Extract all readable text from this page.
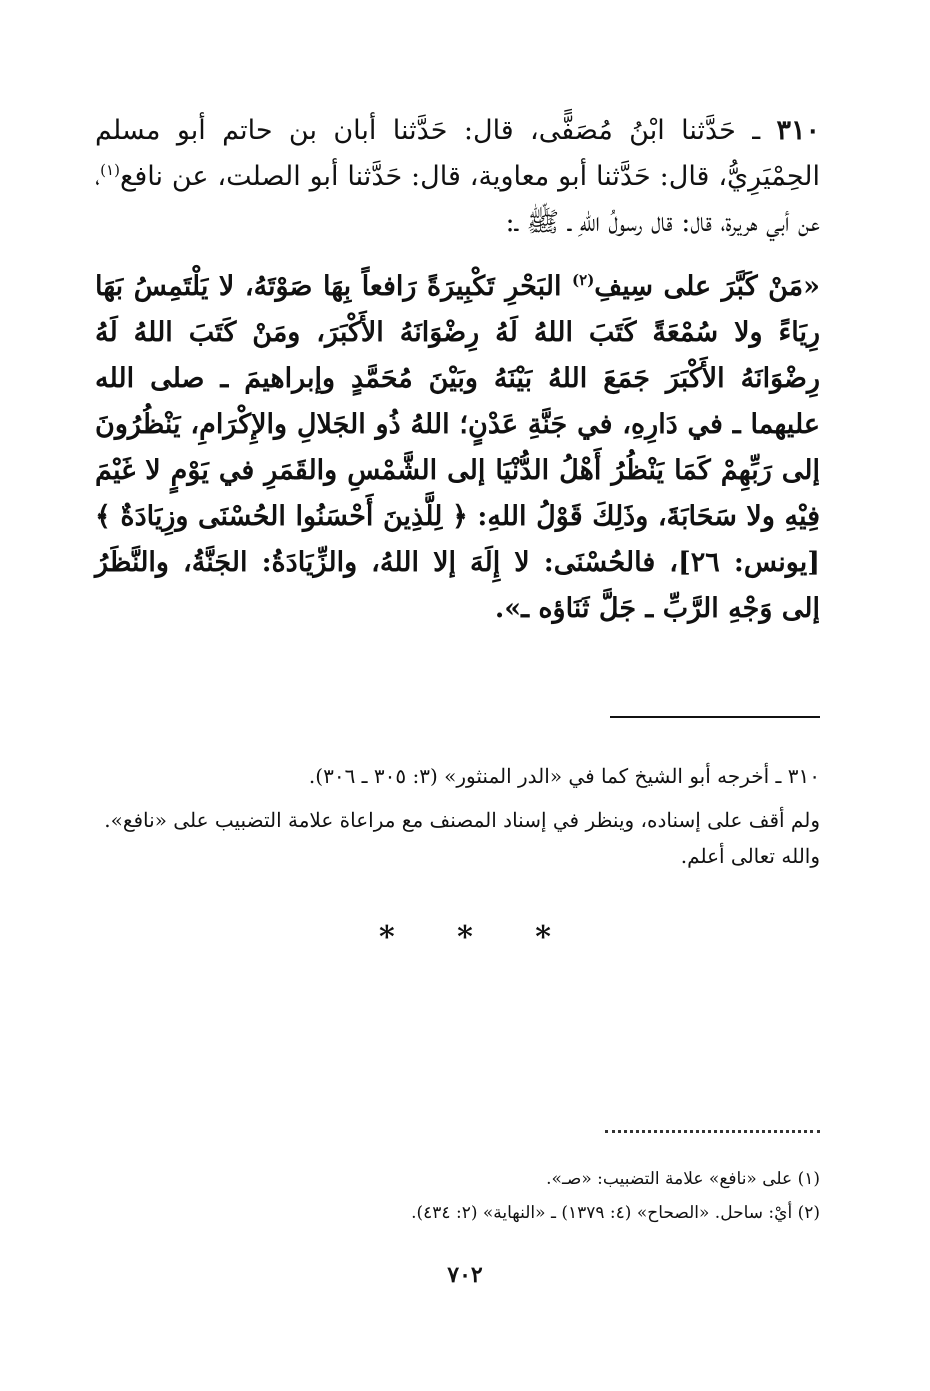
٣١٠ ـ حَدَّثنا ابْنُ مُصَفًّى، قال: حَدَّثنا أبان بن حاتم أبو مسلم الحِمْيَرِيُّ، قال: حَدَّثنا أبو معاوية، قال: حَدَّثنا أبو الصلت، عن نافع$^{(١)}$، عن أبي هريرة، قال: قال رسولُ اللهِ ـ ﷺ ـ:

«مَنْ كَبَّرَ على سِيفِ$^{(٢)}$ البَحْرِ تَكْبِيرَةً رَافعاً بِهَا صَوْتَهُ، لا يَلْتَمِسُ بَهَا رِيَاءً ولا سُمْعَةً كَتَبَ اللهُ لَهُ رِضْوَانَهُ الأَكْبَرَ، ومَنْ كَتَبَ اللهُ لَهُ رِضْوَانَهُ الأَكْبَرَ جَمَعَ اللهُ بَيْنَهُ وبَيْنَ مُحَمَّدٍ وإبراهيمَ ـ صلى الله عليهما ـ في دَارِهِ، في جَنَّةِ عَدْنٍ؛ اللهُ ذُو الجَلالِ والإِكْرَامِ، يَنْظُرُونَ إلى رَبِّهِمْ كَمَا يَنْظُرُ أَهْلُ الدُّنْيَا إلى الشَّمْسِ والقَمَرِ في يَوْمٍ لا غَيْمَ فِيْهِ ولا سَحَابَةَ، وذَلِكَ قَوْلُ اللهِ: ﴿ لِلَّذِينَ أَحْسَنُوا الحُسْنَى وزِيَادَةٌ ﴾ [يونس: ٢٦]، فالحُسْنَى: لا إِلَهَ إلا اللهُ، والزِّيَادَةُ: الجَنَّةُ، والنَّظَرُ إلى وَجْهِ الرَّبِّ ـ جَلَّ ثَنَاؤه ـ».

٣١٠ ـ أخرجه أبو الشيخ كما في «الدر المنثور» (٣: ٣٠٥ ـ ٣٠٦).

ولم أقف على إسناده، وينظر في إسناد المصنف مع مراعاة علامة التضبيب على «نافع». والله تعالى أعلم.

* * *

(١) على «نافع» علامة التضبيب: «صـ».

(٢) أيْ: ساحل. «الصحاح» (٤: ١٣٧٩) ـ «النهاية» (٢: ٤٣٤).

٧٠٢
